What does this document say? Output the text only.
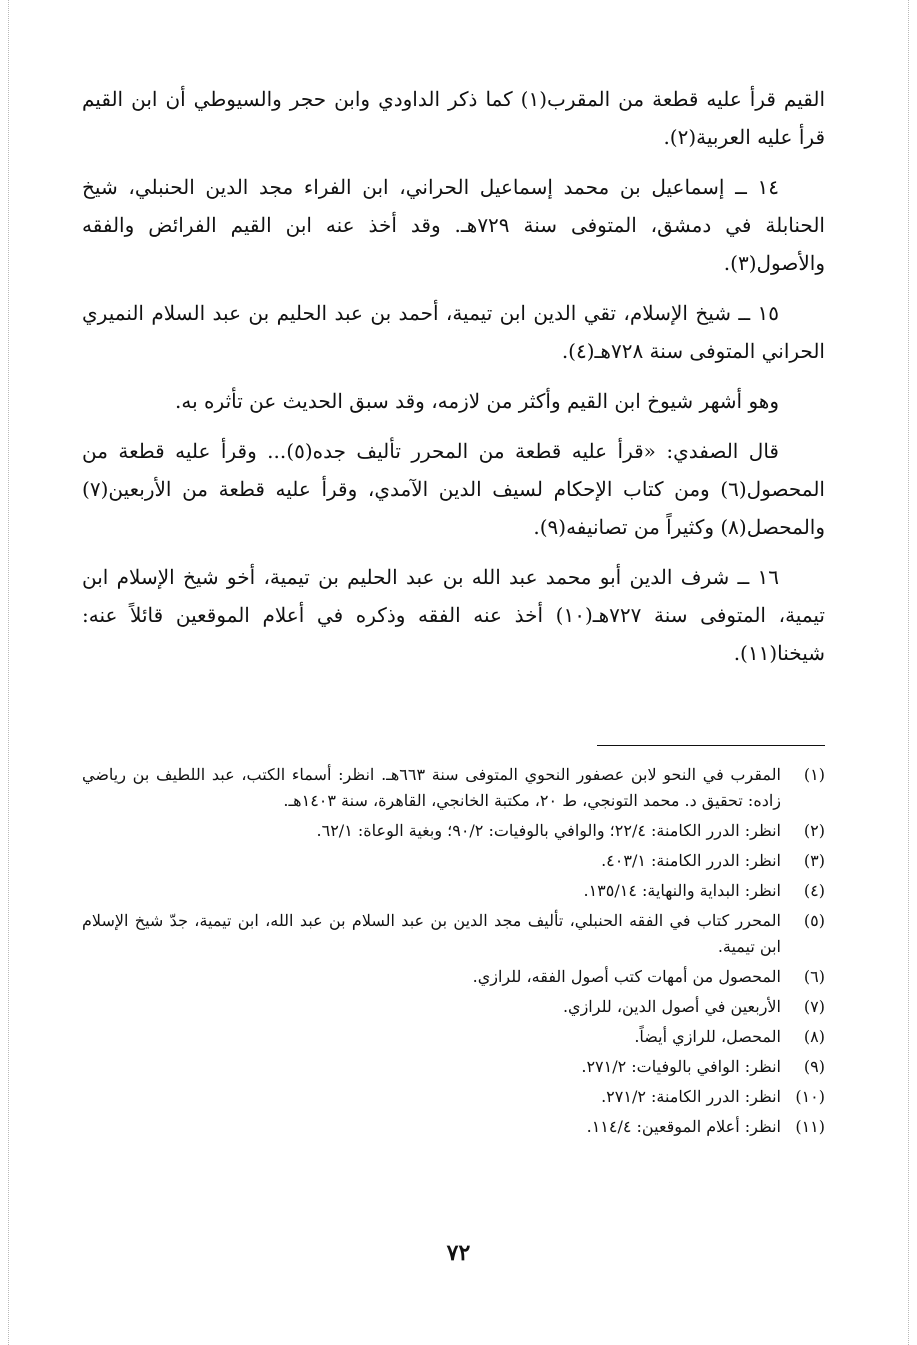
القيم قرأ عليه قطعة من المقرب(١) كما ذكر الداودي وابن حجر والسيوطي أن ابن القيم قرأ عليه العربية(٢).

١٤ ــ إسماعيل بن محمد إسماعيل الحراني، ابن الفراء مجد الدين الحنبلي، شيخ الحنابلة في دمشق، المتوفى سنة ٧٢٩هـ. وقد أخذ عنه ابن القيم الفرائض والفقه والأصول(٣).

١٥ ــ شيخ الإسلام، تقي الدين ابن تيمية، أحمد بن عبد الحليم بن عبد السلام النميري الحراني المتوفى سنة ٧٢٨هـ(٤).

وهو أشهر شيوخ ابن القيم وأكثر من لازمه، وقد سبق الحديث عن تأثره به.

قال الصفدي: «قرأ عليه قطعة من المحرر تأليف جده(٥)... وقرأ عليه قطعة من المحصول(٦) ومن كتاب الإحكام لسيف الدين الآمدي، وقرأ عليه قطعة من الأربعين(٧) والمحصل(٨) وكثيراً من تصانيفه(٩).

١٦ ــ شرف الدين أبو محمد عبد الله بن عبد الحليم بن تيمية، أخو شيخ الإسلام ابن تيمية، المتوفى سنة ٧٢٧هـ(١٠) أخذ عنه الفقه وذكره في أعلام الموقعين قائلاً عنه: شيخنا(١١).

(١)
المقرب في النحو لابن عصفور النحوي المتوفى سنة ٦٦٣هـ. انظر: أسماء الكتب، عبد اللطيف بن رياضي زاده: تحقيق د. محمد التونجي، ط ٢٠، مكتبة الخانجي، القاهرة، سنة ١٤٠٣هـ.
(٢)
انظر: الدرر الكامنة: ٢٢/٤؛ والوافي بالوفيات: ٩٠/٢؛ وبغية الوعاة: ٦٢/١.
(٣)
انظر: الدرر الكامنة: ٤٠٣/١.
(٤)
انظر: البداية والنهاية: ١٣٥/١٤.
(٥)
المحرر كتاب في الفقه الحنبلي، تأليف مجد الدين بن عبد السلام بن عبد الله، ابن تيمية، جدّ شيخ الإسلام ابن تيمية.
(٦)
المحصول من أمهات كتب أصول الفقه، للرازي.
(٧)
الأربعين في أصول الدين، للرازي.
(٨)
المحصل، للرازي أيضاً.
(٩)
انظر: الوافي بالوفيات: ٢٧١/٢.
(١٠)
انظر: الدرر الكامنة: ٢٧١/٢.
(١١)
انظر: أعلام الموقعين: ١١٤/٤.
٧٢
